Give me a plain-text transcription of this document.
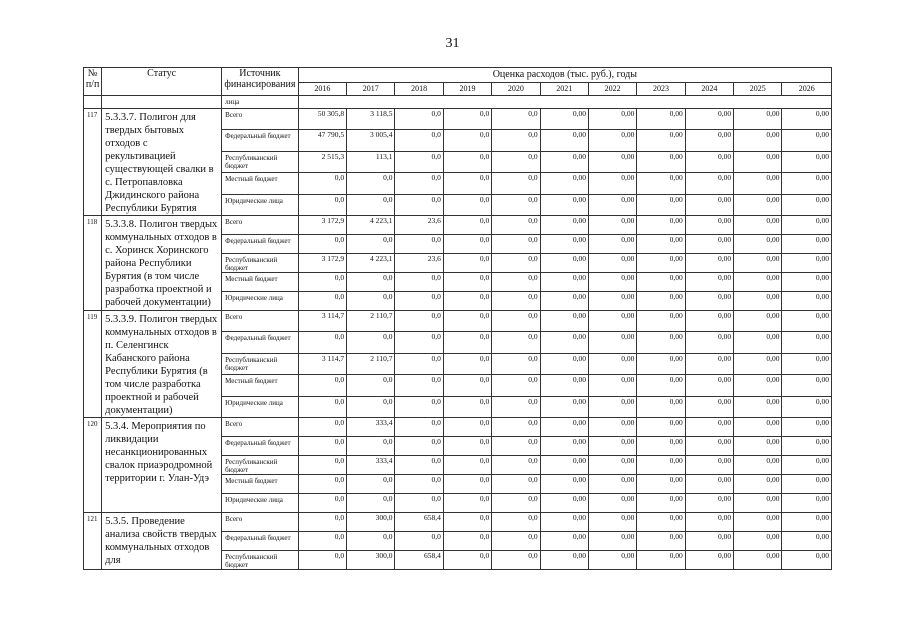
31
№ п/п	Статус	Источник финансирования	Оценка расходов (тыс. руб.), годы										
			2016	2017	2018	2019	2020	2021	2022	2023	2024	2025	2026
		лица											
117	5.3.3.7. Полигон для твердых бытовых отходов с рекультивацией существующей свалки в с. Петропавловка Джидинского района Республики Бурятия	Всего	50 305,8	3 118,5	0,0	0,0	0,0	0,00	0,00	0,00	0,00	0,00	0,00
		Федеральный бюджет	47 790,5	3 005,4	0,0	0,0	0,0	0,00	0,00	0,00	0,00	0,00	0,00
		Республиканский бюджет	2 515,3	113,1	0,0	0,0	0,0	0,00	0,00	0,00	0,00	0,00	0,00
		Местный бюджет	0,0	0,0	0,0	0,0	0,0	0,00	0,00	0,00	0,00	0,00	0,00
		Юридические лица	0,0	0,0	0,0	0,0	0,0	0,00	0,00	0,00	0,00	0,00	0,00
118	5.3.3.8. Полигон твердых коммунальных отходов в с. Хоринск Хоринского района Республики Бурятия (в том числе разработка проектной и рабочей документации)	Всего	3 172,9	4 223,1	23,6	0,0	0,0	0,00	0,00	0,00	0,00	0,00	0,00
		Федеральный бюджет	0,0	0,0	0,0	0,0	0,0	0,00	0,00	0,00	0,00	0,00	0,00
		Республиканский бюджет	3 172,9	4 223,1	23,6	0,0	0,0	0,00	0,00	0,00	0,00	0,00	0,00
		Местный бюджет	0,0	0,0	0,0	0,0	0,0	0,00	0,00	0,00	0,00	0,00	0,00
		Юридические лица	0,0	0,0	0,0	0,0	0,0	0,00	0,00	0,00	0,00	0,00	0,00
119	5.3.3.9. Полигон твердых коммунальных отходов в п. Селенгинск Кабанского района Республики Бурятия (в том числе разработка проектной и рабочей документации)	Всего	3 114,7	2 110,7	0,0	0,0	0,0	0,00	0,00	0,00	0,00	0,00	0,00
		Федеральный бюджет	0,0	0,0	0,0	0,0	0,0	0,00	0,00	0,00	0,00	0,00	0,00
		Республиканский бюджет	3 114,7	2 110,7	0,0	0,0	0,0	0,00	0,00	0,00	0,00	0,00	0,00
		Местный бюджет	0,0	0,0	0,0	0,0	0,0	0,00	0,00	0,00	0,00	0,00	0,00
		Юридические лица	0,0	0,0	0,0	0,0	0,0	0,00	0,00	0,00	0,00	0,00	0,00
120	5.3.4. Мероприятия по ликвидации несанкционированных свалок приаэродромной территории г. Улан-Удэ	Всего	0,0	333,4	0,0	0,0	0,0	0,00	0,00	0,00	0,00	0,00	0,00
		Федеральный бюджет	0,0	0,0	0,0	0,0	0,0	0,00	0,00	0,00	0,00	0,00	0,00
		Республиканский бюджет	0,0	333,4	0,0	0,0	0,0	0,00	0,00	0,00	0,00	0,00	0,00
		Местный бюджет	0,0	0,0	0,0	0,0	0,0	0,00	0,00	0,00	0,00	0,00	0,00
		Юридические лица	0,0	0,0	0,0	0,0	0,0	0,00	0,00	0,00	0,00	0,00	0,00
121	5.3.5. Проведение анализа свойств твердых коммунальных отходов для	Всего	0,0	300,0	658,4	0,0	0,0	0,00	0,00	0,00	0,00	0,00	0,00
		Федеральный бюджет	0,0	0,0	0,0	0,0	0,0	0,00	0,00	0,00	0,00	0,00	0,00
		Республиканский бюджет	0,0	300,0	658,4	0,0	0,0	0,00	0,00	0,00	0,00	0,00	0,00
